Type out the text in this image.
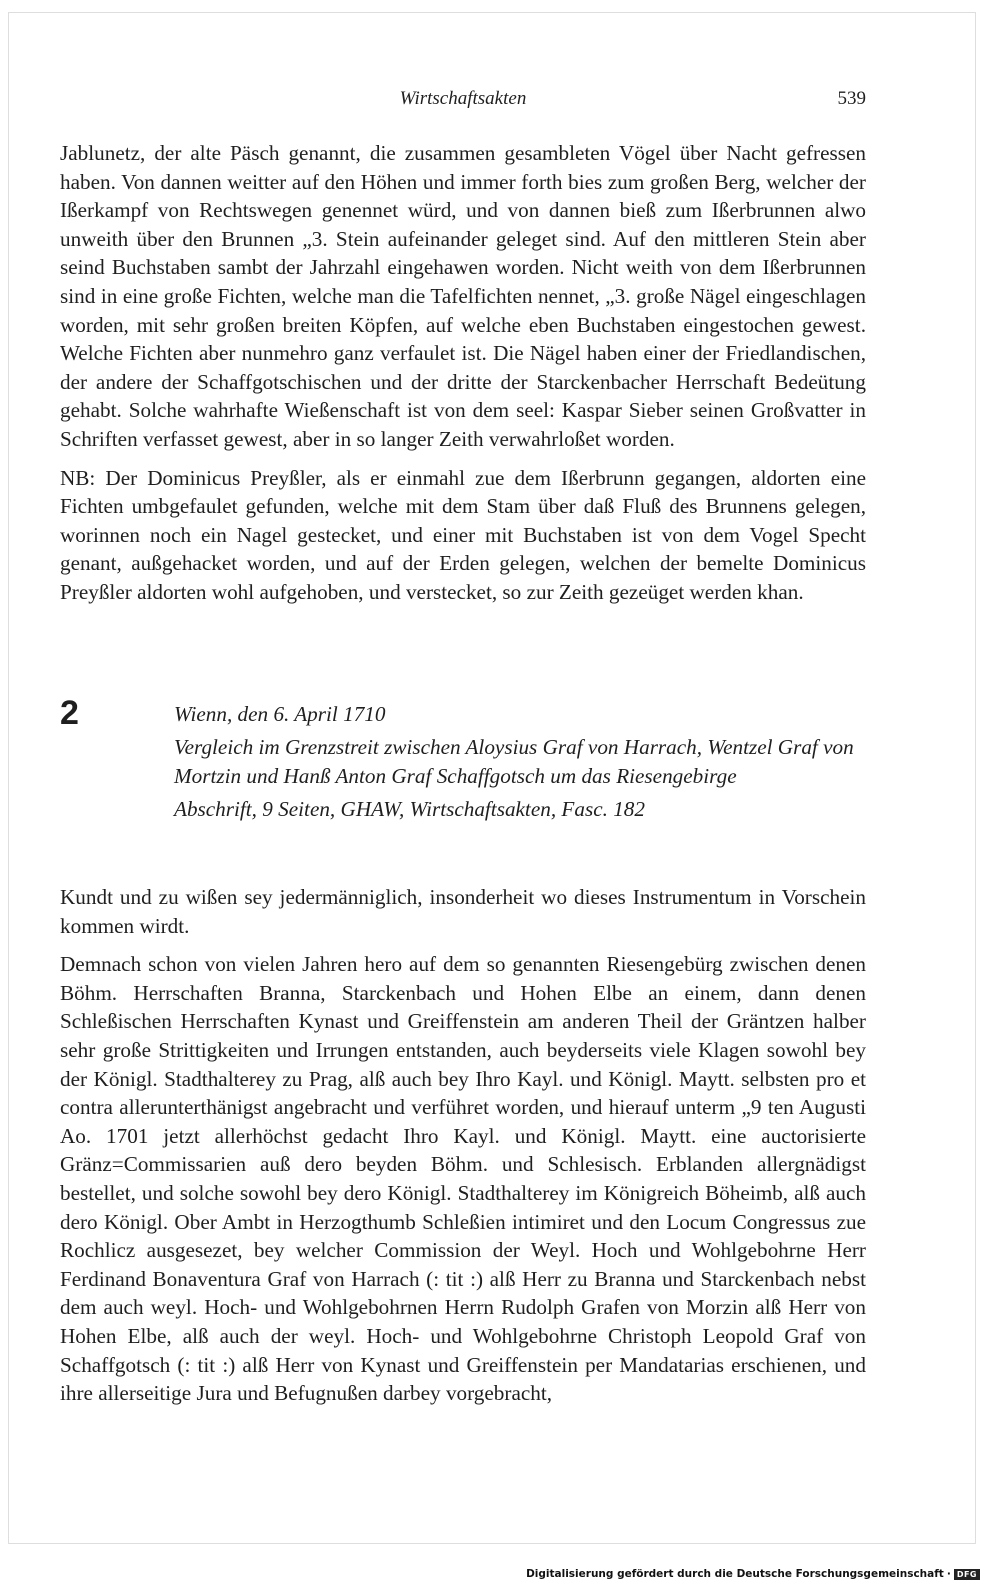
Wirtschaftsakten	539

Jablunetz, der alte Päsch genannt, die zusammen gesambleten Vögel über Nacht gefressen haben. Von dannen weitter auf den Höhen und immer forth bies zum großen Berg, welcher der Ißerkampf von Rechtswegen genennet würd, und von dannen bieß zum Ißerbrunnen alwo unweith über den Brunnen „3. Stein aufeinander geleget sind. Auf den mittleren Stein aber seind Buchstaben sambt der Jahrzahl eingehawen worden. Nicht weith von dem Ißerbrunnen sind in eine große Fichten, welche man die Tafelfichten nennet, „3. große Nägel eingeschlagen worden, mit sehr großen breiten Köpfen, auf welche eben Buchstaben eingestochen gewest. Welche Fichten aber nunmehro ganz verfaulet ist. Die Nägel haben einer der Friedlandischen, der andere der Schaffgotschischen und der dritte der Starckenbacher Herrschaft Bedeütung gehabt. Solche wahrhafte Wießenschaft ist von dem seel: Kaspar Sieber seinen Großvatter in Schriften verfasset gewest, aber in so langer Zeith verwahrloßet worden.

NB: Der Dominicus Preyßler, als er einmahl zue dem Ißerbrunn gegangen, aldorten eine Fichten umbgefaulet gefunden, welche mit dem Stam über daß Fluß des Brunnens gelegen, worinnen noch ein Nagel gestecket, und einer mit Buchstaben ist von dem Vogel Specht genant, außgehacket worden, und auf der Erden gelegen, welchen der bemelte Dominicus Preyßler aldorten wohl aufgehoben, und verstecket, so zur Zeith gezeüget werden khan.

2	Wienn, den 6. April 1710
Vergleich im Grenzstreit zwischen Aloysius Graf von Harrach, Wentzel Graf von Mortzin und Hanß Anton Graf Schaffgotsch um das Riesengebirge
Abschrift, 9 Seiten, GHAW, Wirtschaftsakten, Fasc. 182

Kundt und zu wißen sey jedermänniglich, insonderheit wo dieses Instrumentum in Vorschein kommen wirdt.

Demnach schon von vielen Jahren hero auf dem so genannten Riesengebürg zwischen denen Böhm. Herrschaften Branna, Starckenbach und Hohen Elbe an einem, dann denen Schleßischen Herrschaften Kynast und Greiffenstein am anderen Theil der Gräntzen halber sehr große Strittigkeiten und Irrungen entstanden, auch beyderseits viele Klagen sowohl bey der Königl. Stadthalterey zu Prag, alß auch bey Ihro Kayl. und Königl. Maytt. selbsten pro et contra allerunterthänigst angebracht und verführet worden, und hierauf unterm „9 ten Augusti Ao. 1701 jetzt allerhöchst gedacht Ihro Kayl. und Königl. Maytt. eine auctorisierte Gränz=Commissarien auß dero beyden Böhm. und Schlesisch. Erblanden allergnädigst bestellet, und solche sowohl bey dero Königl. Stadthalterey im Königreich Böheimb, alß auch dero Königl. Ober Ambt in Herzogthumb Schleßien intimiret und den Locum Congressus zue Rochlicz ausgesezet, bey welcher Commission der Weyl. Hoch und Wohlgebohrne Herr Ferdinand Bonaventura Graf von Harrach (: tit :) alß Herr zu Branna und Starckenbach nebst dem auch weyl. Hoch- und Wohlgebohrnen Herrn Rudolph Grafen von Morzin alß Herr von Hohen Elbe, alß auch der weyl. Hoch- und Wohlgebohrne Christoph Leopold Graf von Schaffgotsch (: tit :) alß Herr von Kynast und Greiffenstein per Mandatarias erschienen, und ihre allerseitige Jura und Befugnußen darbey vorgebracht,

Digitalisierung gefördert durch die Deutsche Forschungsgemeinschaft · DFG
